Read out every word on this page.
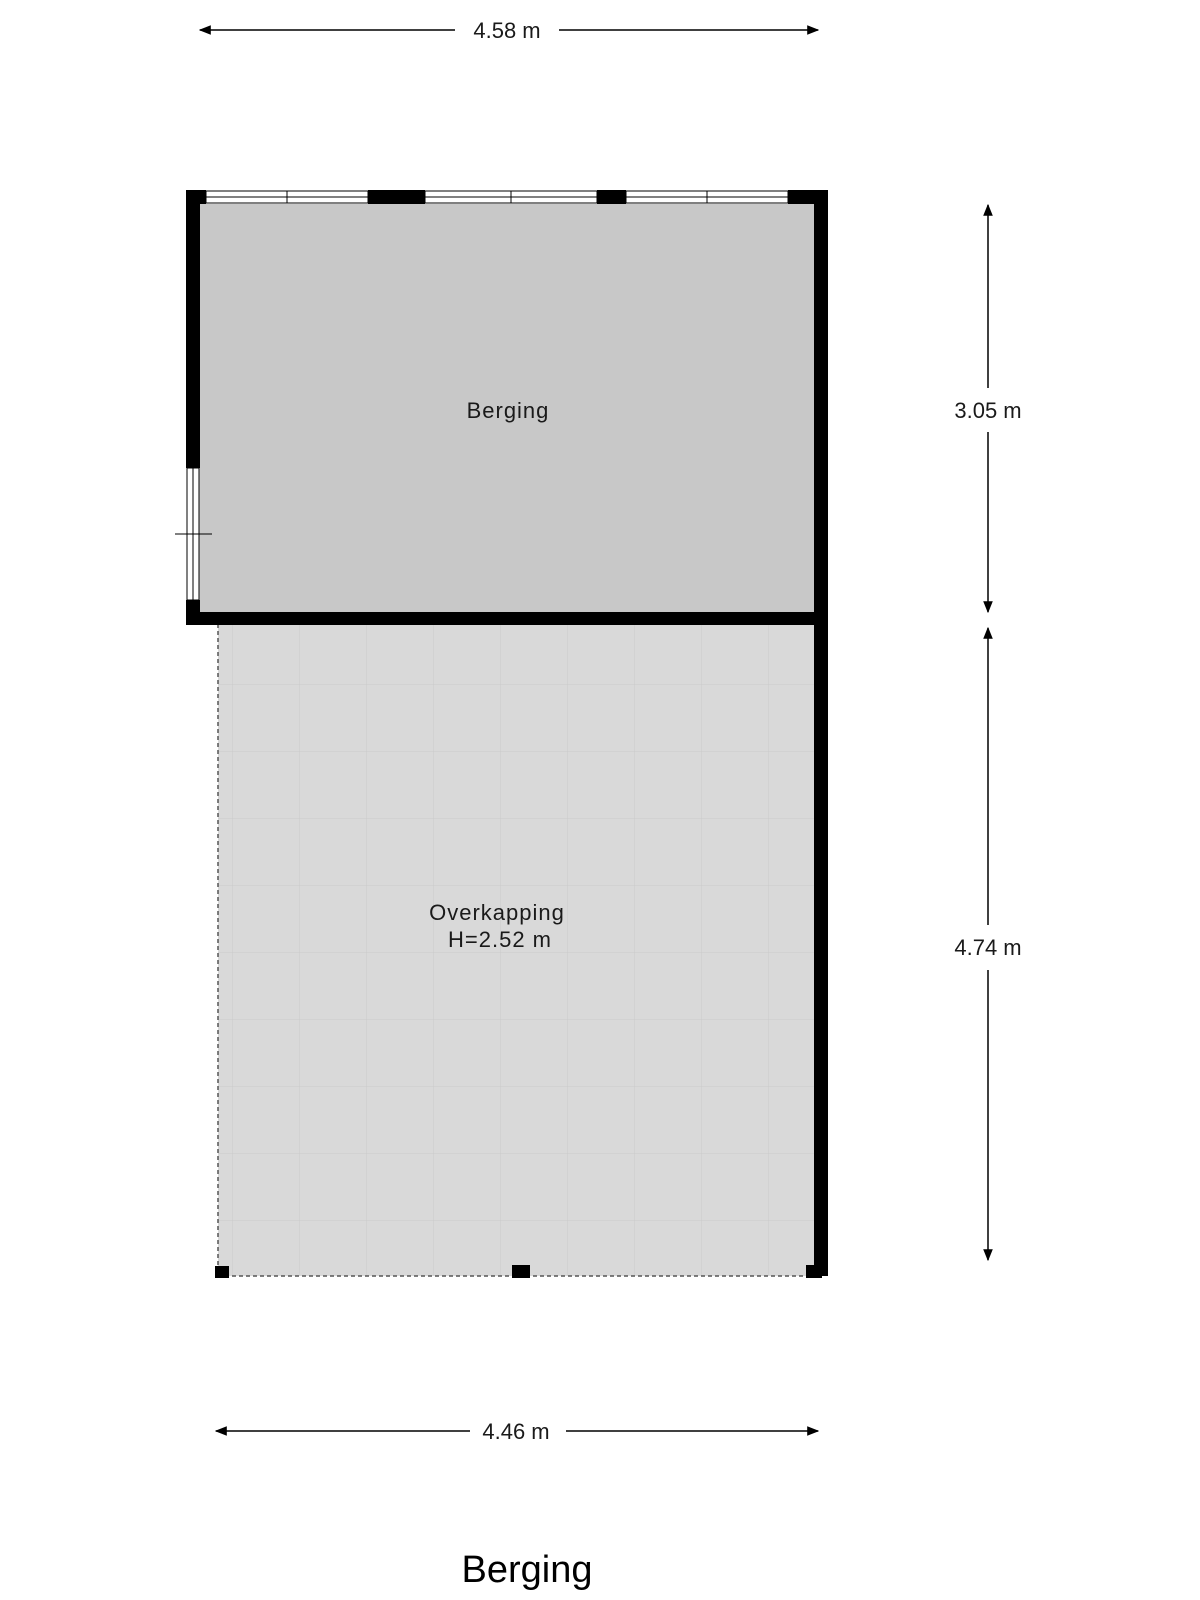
4.58 m
4.46 m
3.05 m
4.74 m
Berging
Overkapping
H=2.52 m
Berging
